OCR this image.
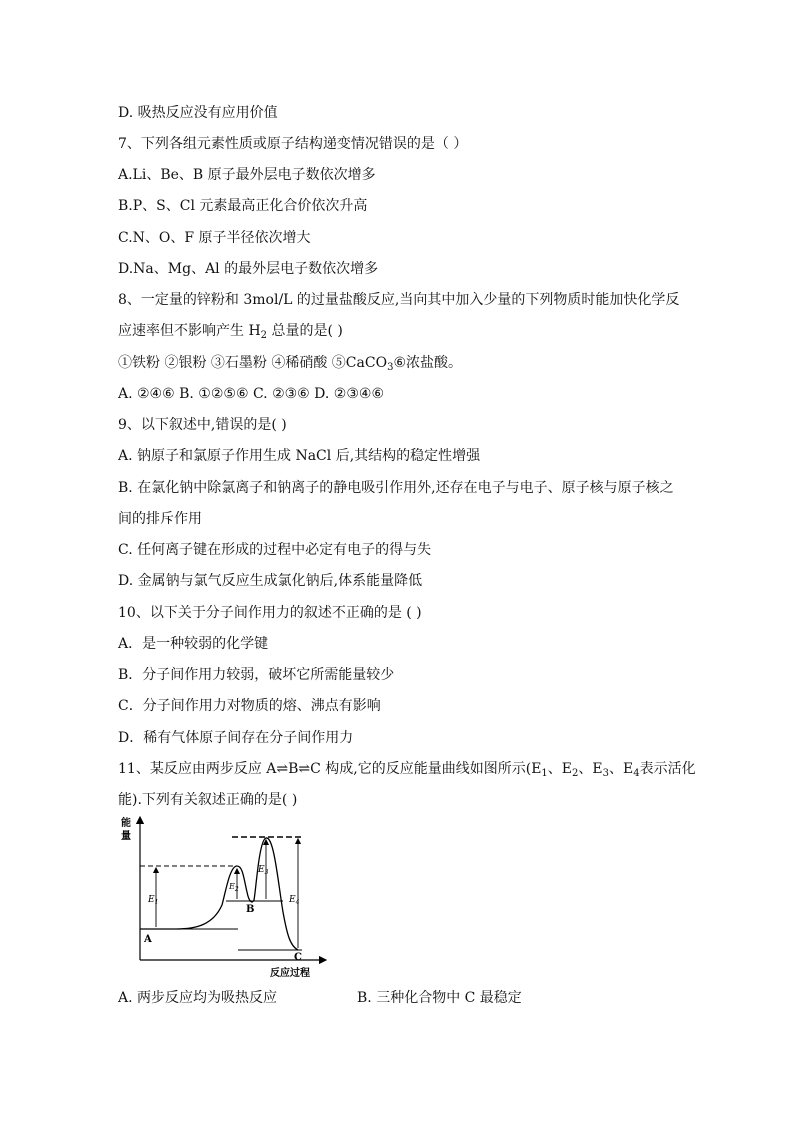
D. 吸热反应没有应用价值
7、下列各组元素性质或原子结构递变情况错误的是（ ）
A.Li、Be、B 原子最外层电子数依次增多
B.P、S、Cl 元素最高正化合价依次升高
C.N、O、F 原子半径依次增大
D.Na、Mg、Al 的最外层电子数依次增多
8、一定量的锌粉和 3mol/L 的过量盐酸反应,当向其中加入少量的下列物质时能加快化学反
应速率但不影响产生 $H_2$ 总量的是( )
①铁粉 ②银粉 ③石墨粉 ④稀硝酸 ⑤CaCO$_3$⑥浓盐酸。
A. ②④⑥ B. ①②⑤⑥ C. ②③⑥ D. ②③④⑥
9、以下叙述中,错误的是( )
A. 钠原子和氯原子作用生成 NaCl 后,其结构的稳定性增强
B. 在氯化钠中除氯离子和钠离子的静电吸引作用外,还存在电子与电子、原子核与原子核之
间的排斥作用
C. 任何离子键在形成的过程中必定有电子的得与失
D. 金属钠与氯气反应生成氯化钠后,体系能量降低
10、以下关于分子间作用力的叙述不正确的是 ( )
A．是一种较弱的化学键
B．分子间作用力较弱，破坏它所需能量较少
C．分子间作用力对物质的熔、沸点有影响
D．稀有气体原子间存在分子间作用力
11、某反应由两步反应 A⇌B⇌C 构成,它的反应能量曲线如图所示($E_1$、$E_2$、$E_3$、$E_4$表示活化
能).下列有关叙述正确的是( )
能
量
反应过程
A
B
C
$E_1$
$E_2$
$E_3$
$E_4$
A. 两步反应均为吸热反应	B. 三种化合物中 C 最稳定
